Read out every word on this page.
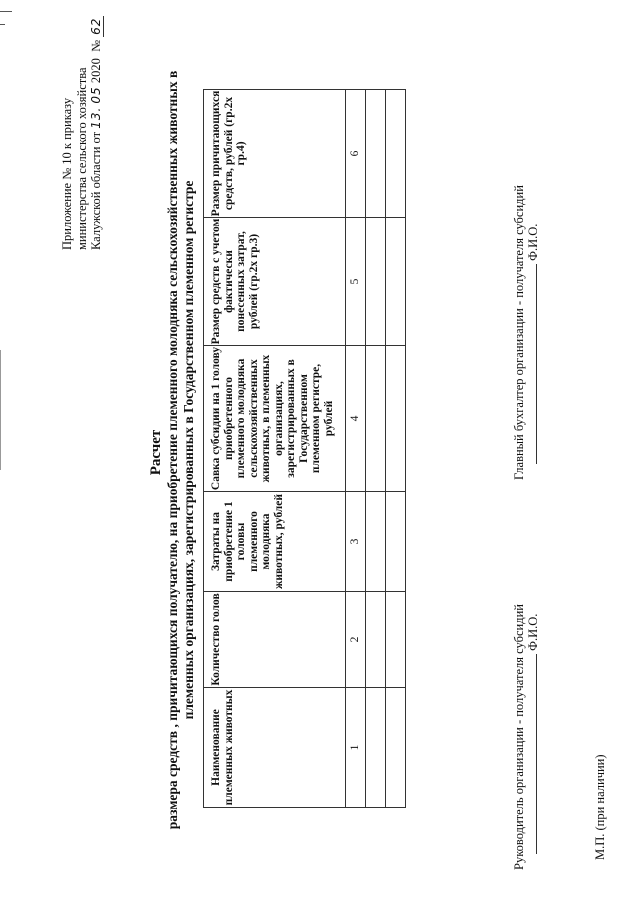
Приложение № 10 к приказу министерства сельского хозяйства Калужской области от 13. 05 2020  № 62
Расчет размера средств , причитающихся получателю, на приобретение племенного молодняка сельскохозяйственных животных в племенных организациях, зарегистрированных в Государственном племенном регистре
Наименование племенных животных	Количество голов	Затраты на приобретение 1 головы племенного молодняка животных, рублей	Савка субсидии на 1 голову приобретенного племенного молодняка сельскохозяйственных животных, в племенных организациях, зарегистрированных в Государственном племенном регистре, рублей	Размер средств с учетом фактически понесенных затрат, рублей (гр.2х гр.3)	Размер причитающихся средств, рублей (гр.2х гр.4)
1	2	3	4	5	6

Руководитель организации - получателя субсидий Ф.И.О.
Главный бухгалтер организации - получателя субсидий Ф.И.О.
М.П. (при наличии)
